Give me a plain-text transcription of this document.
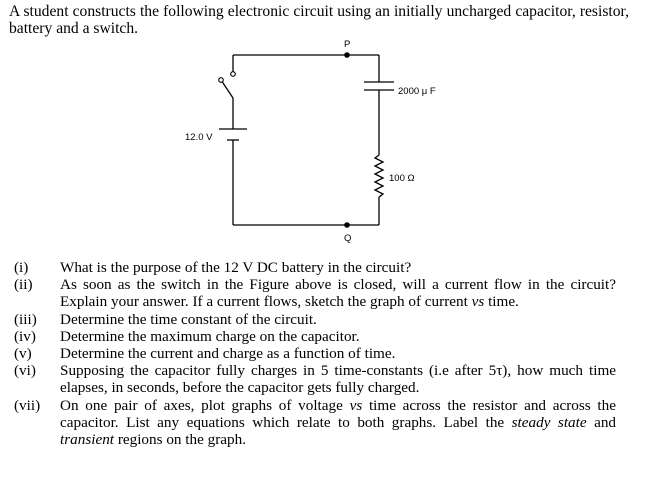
A student constructs the following electronic circuit using an initially uncharged capacitor, resistor, battery and a switch.
P
Q
2000 μ F
100 Ω
12.0 V
(i)	What is the purpose of the 12 V DC battery in the circuit?
(ii)	As soon as the switch in the Figure above is closed, will a current flow in the circuit? Explain your answer. If a current flows, sketch the graph of current vs time.
(iii)	Determine the time constant of the circuit.
(iv)	Determine the maximum charge on the capacitor.
(v)	Determine the current and charge as a function of time.
(vi)	Supposing the capacitor fully charges in 5 time-constants (i.e after 5τ), how much time elapses, in seconds, before the capacitor gets fully charged.
(vii)	On one pair of axes, plot graphs of voltage vs time across the resistor and across the capacitor. List any equations which relate to both graphs. Label the steady state and transient regions on the graph.
